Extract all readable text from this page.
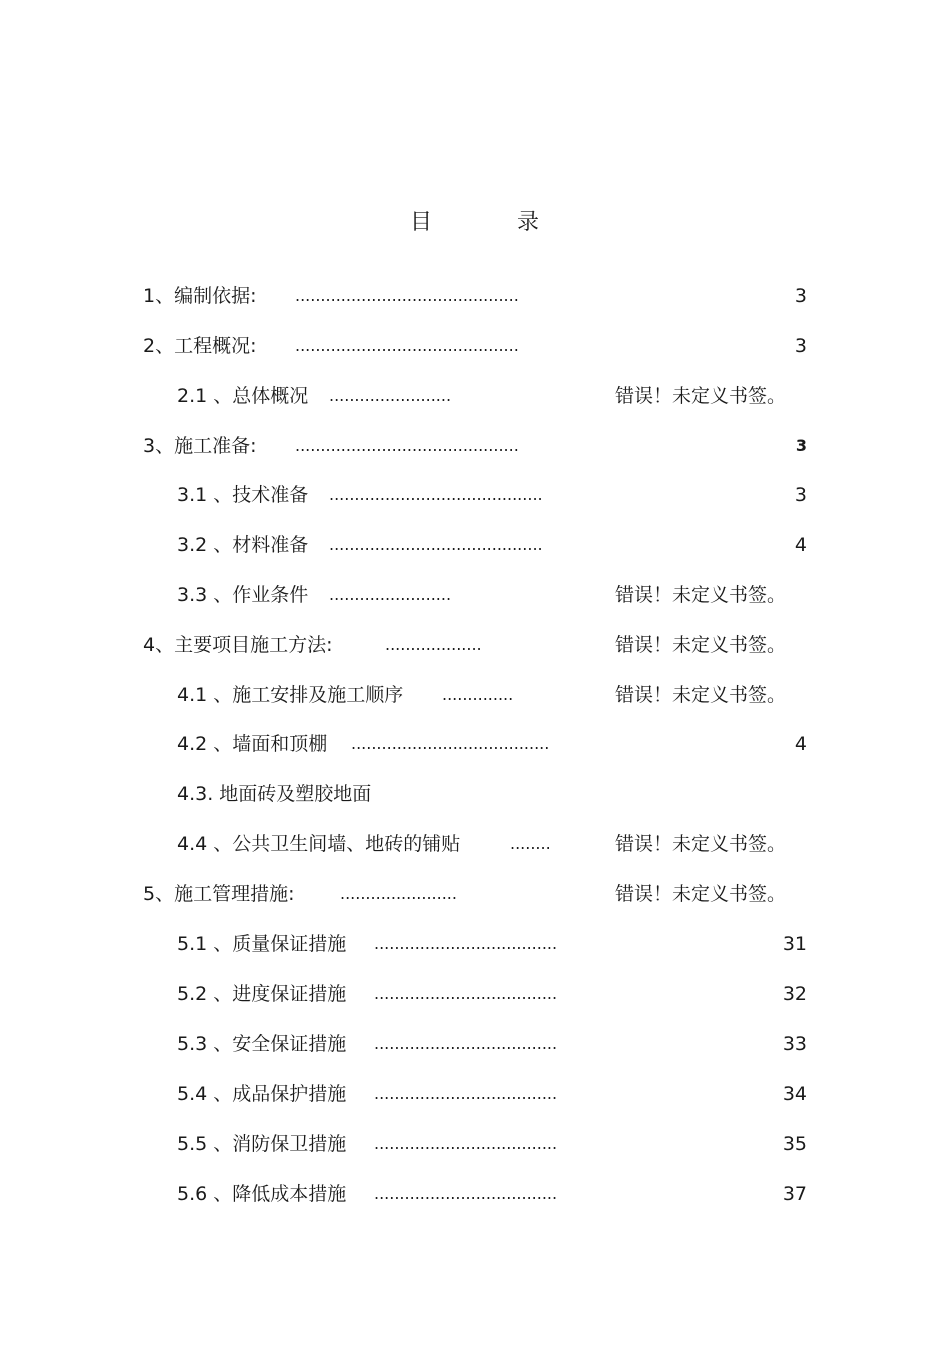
目	录
1、编制依据: ............................................	3
2、工程概况: ............................................	3
2.1 、总体概况 ........................	错误！未定义书签。
3、施工准备: ............................................	3
3.1 、技术准备 ..........................................	3
3.2 、材料准备 ..........................................	4
3.3 、作业条件 ........................	错误！未定义书签。
4、主要项目施工方法:	...................	错误！未定义书签。
4.1 、施工安排及施工顺序 ..............	错误！未定义书签。
4.2 、墙面和顶棚 .......................................	4
4.3. 地面砖及塑胶地面
4.4 、公共卫生间墙、地砖的铺贴	........	错误！未定义书签。
5、施工管理措施:	.......................	错误！未定义书签。
5.1 、质量保证措施 ....................................	31
5.2 、进度保证措施 ....................................	32
5.3 、安全保证措施 ....................................	33
5.4 、成品保护措施 ....................................	34
5.5 、消防保卫措施 ....................................	35
5.6 、降低成本措施 ....................................	37
